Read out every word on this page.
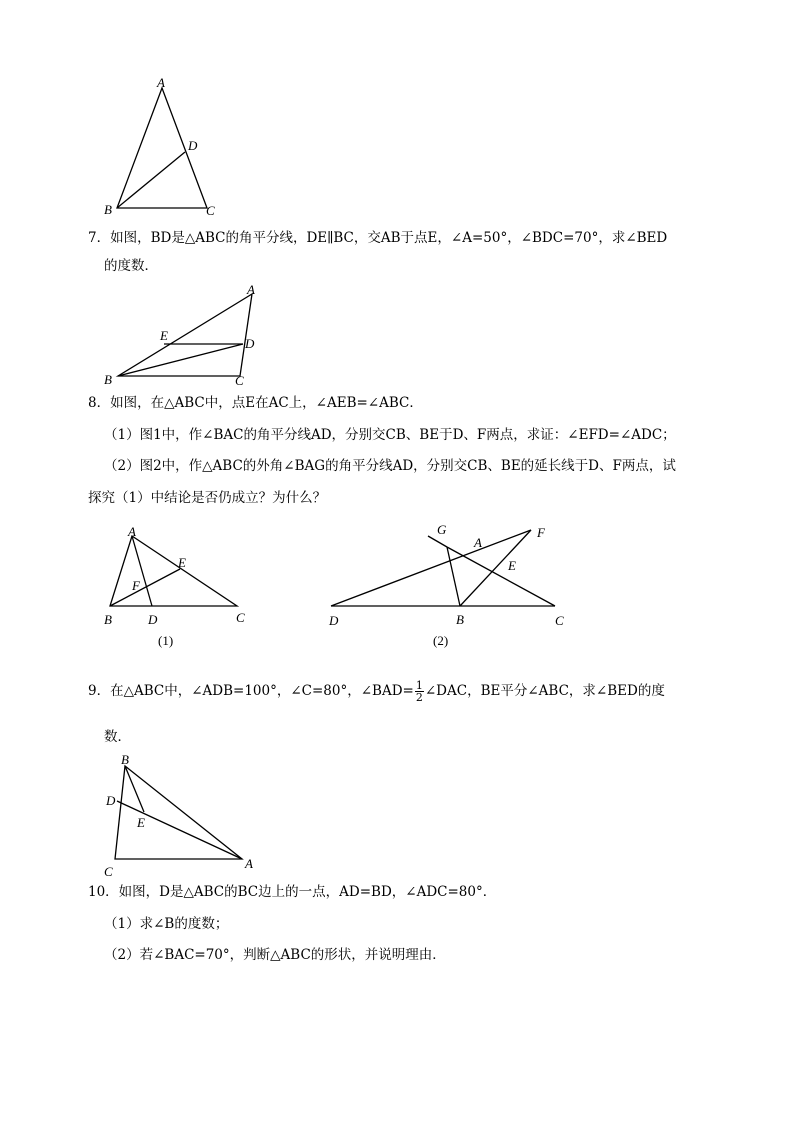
A
D
B	C
7．如图，BD是△ABC的角平分线，DE∥BC，交AB于点E，∠A=50°，∠BDC=70°，求∠BED
的度数．
A
E
D
B	C
8．如图，在△ABC中，点E在AC上，∠AEB=∠ABC．
（1）图1中，作∠BAC的角平分线AD，分别交CB、BE于D、F两点，求证：∠EFD=∠ADC；
（2）图2中，作△ABC的外角∠BAG的角平分线AD，分别交CB、BE的延长线于D、F两点，试
探究（1）中结论是否仍成立？为什么？
A
E
F
B	D	C
(1)
G
A
F
E
D	B	C
(2)
9．在△ABC中，∠ADB=100°，∠C=80°，∠BAD= $\frac{1}{2}$ ∠DAC，BE平分∠ABC，求∠BED的度
数．
B
D
E
C
A
10．如图，D是△ABC的BC边上的一点，AD=BD，∠ADC=80°．
（1）求∠B的度数；
（2）若∠BAC=70°，判断△ABC的形状，并说明理由．
